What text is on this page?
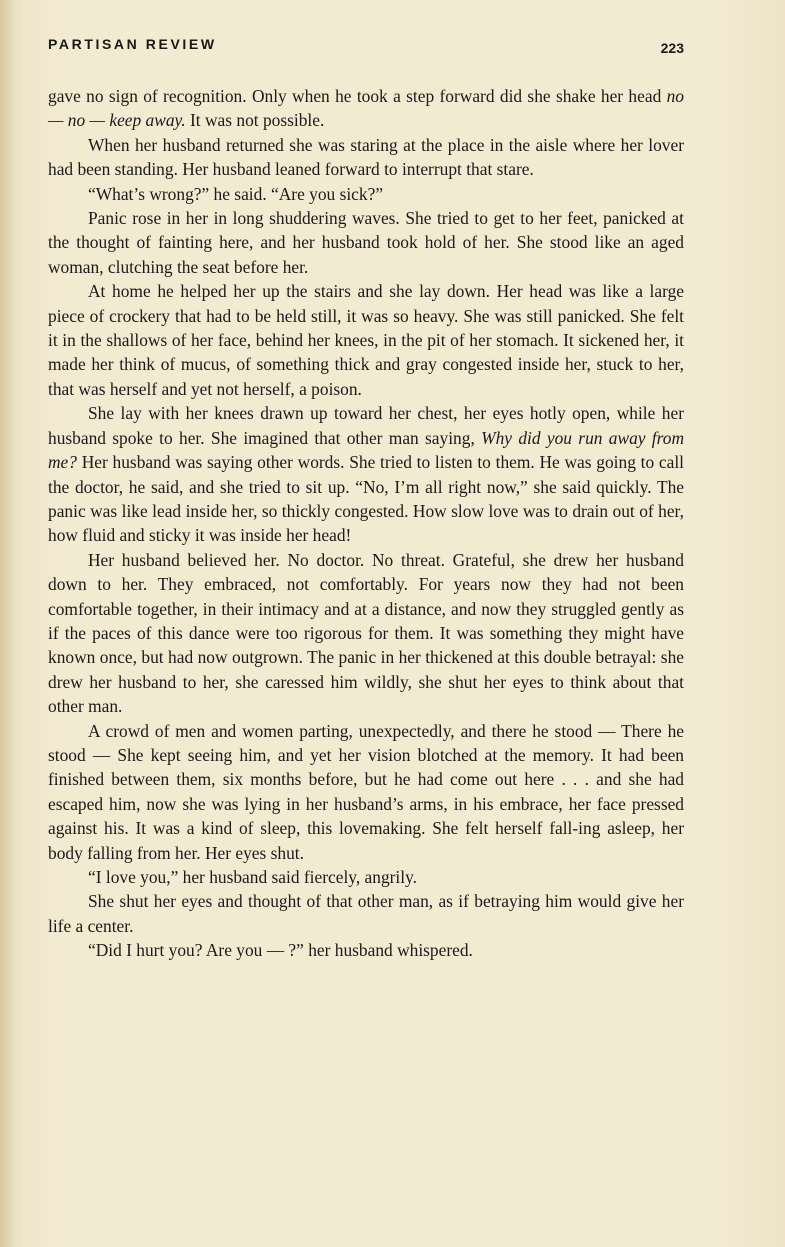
PARTISAN REVIEW	223

gave no sign of recognition. Only when he took a step forward did she shake her head no — no — keep away. It was not possible.

When her husband returned she was staring at the place in the aisle where her lover had been standing. Her husband leaned forward to interrupt that stare.

“What’s wrong?” he said. “Are you sick?”

Panic rose in her in long shuddering waves. She tried to get to her feet, panicked at the thought of fainting here, and her husband took hold of her. She stood like an aged woman, clutching the seat before her.

At home he helped her up the stairs and she lay down. Her head was like a large piece of crockery that had to be held still, it was so heavy. She was still panicked. She felt it in the shallows of her face, behind her knees, in the pit of her stomach. It sickened her, it made her think of mucus, of something thick and gray congested inside her, stuck to her, that was herself and yet not herself, a poison.

She lay with her knees drawn up toward her chest, her eyes hotly open, while her husband spoke to her. She imagined that other man saying, Why did you run away from me? Her husband was saying other words. She tried to listen to them. He was going to call the doctor, he said, and she tried to sit up. “No, I’m all right now,” she said quickly. The panic was like lead inside her, so thickly congested. How slow love was to drain out of her, how fluid and sticky it was inside her head!

Her husband believed her. No doctor. No threat. Grateful, she drew her husband down to her. They embraced, not comfortably. For years now they had not been comfortable together, in their intimacy and at a distance, and now they struggled gently as if the paces of this dance were too rigorous for them. It was something they might have known once, but had now outgrown. The panic in her thickened at this double betrayal: she drew her husband to her, she caressed him wildly, she shut her eyes to think about that other man.

A crowd of men and women parting, unexpectedly, and there he stood — There he stood — She kept seeing him, and yet her vision blotched at the memory. It had been finished between them, six months before, but he had come out here . . . and she had escaped him, now she was lying in her husband’s arms, in his embrace, her face pressed against his. It was a kind of sleep, this lovemaking. She felt herself fall-ing asleep, her body falling from her. Her eyes shut.

“I love you,” her husband said fiercely, angrily.

She shut her eyes and thought of that other man, as if betraying him would give her life a center.

“Did I hurt you? Are you — ?” her husband whispered.
